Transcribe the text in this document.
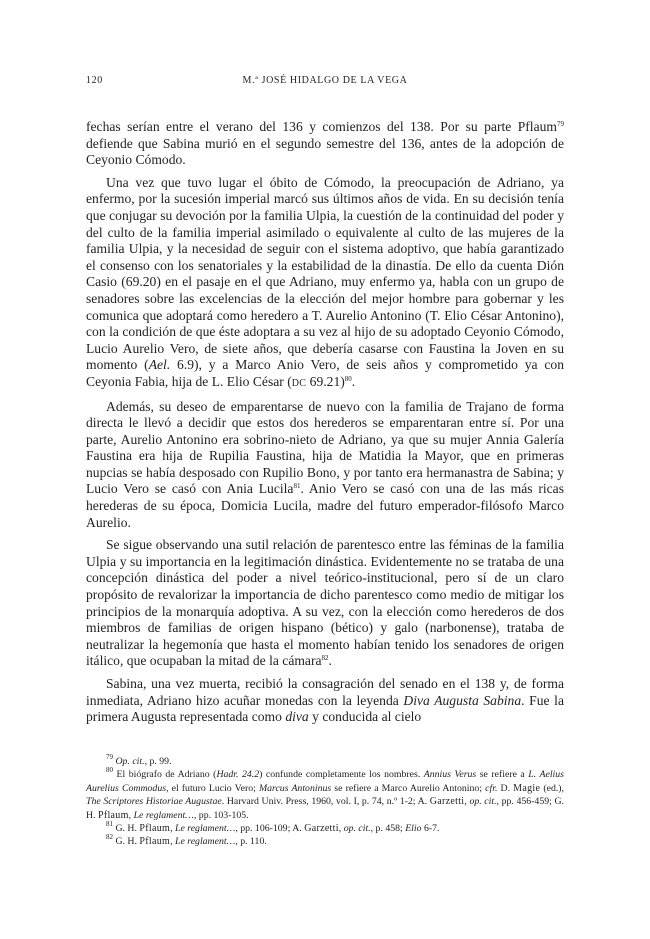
120	M.ª JOSÉ HIDALGO DE LA VEGA

fechas serían entre el verano del 136 y comienzos del 138. Por su parte Pflaum$^{79}$ defiende que Sabina murió en el segundo semestre del 136, antes de la adopción de Ceyonio Cómodo.

Una vez que tuvo lugar el óbito de Cómodo, la preocupación de Adriano, ya enfermo, por la sucesión imperial marcó sus últimos años de vida. En su decisión tenía que conjugar su devoción por la familia Ulpia, la cuestión de la continuidad del poder y del culto de la familia imperial asimilado o equivalente al culto de las mujeres de la familia Ulpia, y la necesidad de seguir con el sistema adoptivo, que había garantizado el consenso con los senatoriales y la estabilidad de la dinastía. De ello da cuenta Dión Casio (69.20) en el pasaje en el que Adriano, muy enfermo ya, habla con un grupo de senadores sobre las excelencias de la elección del mejor hombre para gobernar y les comunica que adoptará como heredero a T. Aurelio Antonino (T. Elio César Antonino), con la condición de que éste adoptara a su vez al hijo de su adoptado Ceyonio Cómodo, Lucio Aurelio Vero, de siete años, que debería casarse con Faustina la Joven en su momento (Ael. 6.9), y a Marco Anio Vero, de seis años y comprometido ya con Ceyonia Fabia, hija de L. Elio César (DC 69.21)$^{80}$.

Además, su deseo de emparentarse de nuevo con la familia de Trajano de forma directa le llevó a decidir que estos dos herederos se emparentaran entre sí. Por una parte, Aurelio Antonino era sobrino-nieto de Adriano, ya que su mujer Annia Galería Faustina era hija de Rupilia Faustina, hija de Matidia la Mayor, que en primeras nupcias se había desposado con Rupilio Bono, y por tanto era hermanastra de Sabina; y Lucio Vero se casó con Ania Lucila$^{81}$. Anio Vero se casó con una de las más ricas herederas de su época, Domicia Lucila, madre del futuro emperador-filósofo Marco Aurelio.

Se sigue observando una sutil relación de parentesco entre las féminas de la familia Ulpia y su importancia en la legitimación dinástica. Evidentemente no se trataba de una concepción dinástica del poder a nivel teórico-institucional, pero sí de un claro propósito de revalorizar la importancia de dicho parentesco como medio de mitigar los principios de la monarquía adoptiva. A su vez, con la elección como herederos de dos miembros de familias de origen hispano (bético) y galo (narbonense), trataba de neutralizar la hegemonía que hasta el momento habían tenido los senadores de origen itálico, que ocupaban la mitad de la cámara$^{82}$.

Sabina, una vez muerta, recibió la consagración del senado en el 138 y, de forma inmediata, Adriano hizo acuñar monedas con la leyenda Diva Augusta Sabina. Fue la primera Augusta representada como diva y conducida al cielo

$^{79}$ Op. cit., p. 99.

$^{80}$ El biógrafo de Adriano (Hadr. 24.2) confunde completamente los nombres. Annius Verus se refiere a L. Aelius Aurelius Commodus, el futuro Lucio Vero; Marcus Antoninus se refiere a Marco Aurelio Antonino; cfr. D. Magie (ed.), The Scriptores Historiae Augustae. Harvard Univ. Press, 1960, vol. I, p. 74, n.º 1-2; A. Garzetti, op. cit., pp. 456-459; G. H. Pflaum, Le reglament…, pp. 103-105.

$^{81}$ G. H. Pflaum, Le reglament…, pp. 106-109; A. Garzetti, op. cit., p. 458; Elio 6-7.

$^{82}$ G. H. Pflaum, Le reglament…, p. 110.
